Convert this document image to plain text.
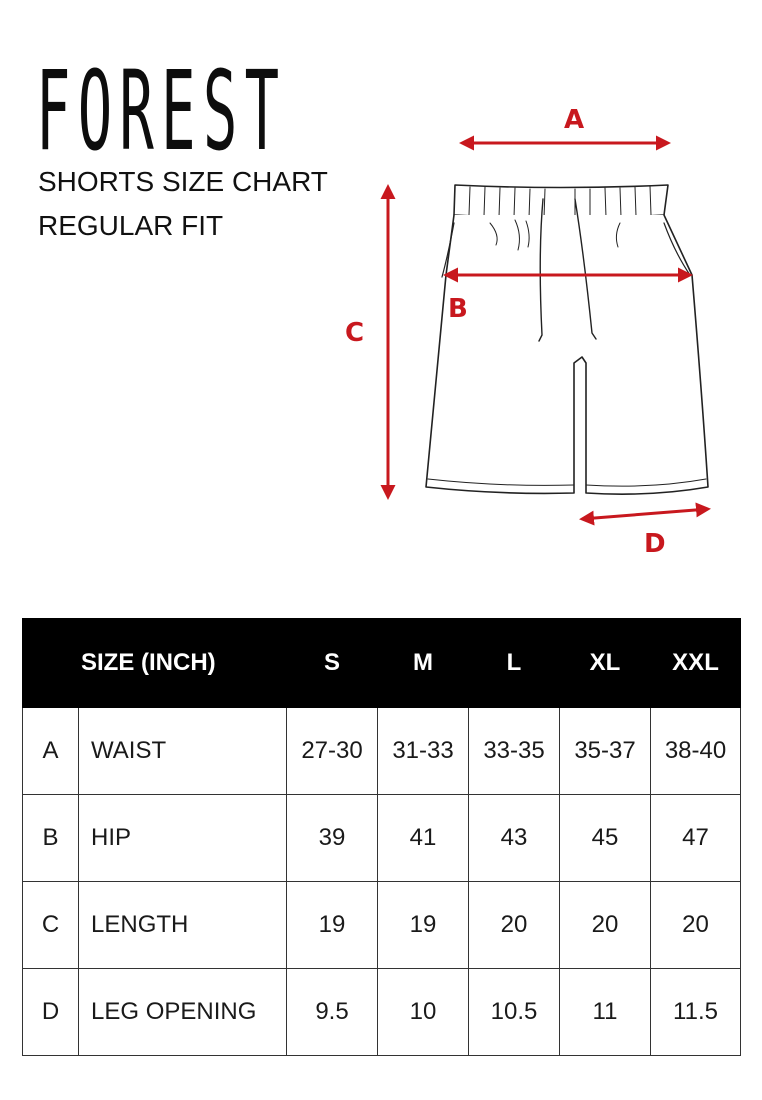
FOREST
SHORTS SIZE CHART
REGULAR FIT
A
B
C
D
SIZE (INCH)		S	M	L	XL	XXL
A	WAIST	27-30	31-33	33-35	35-37	38-40
B	HIP	39	41	43	45	47
C	LENGTH	19	19	20	20	20
D	LEG OPENING	9.5	10	10.5	11	11.5
